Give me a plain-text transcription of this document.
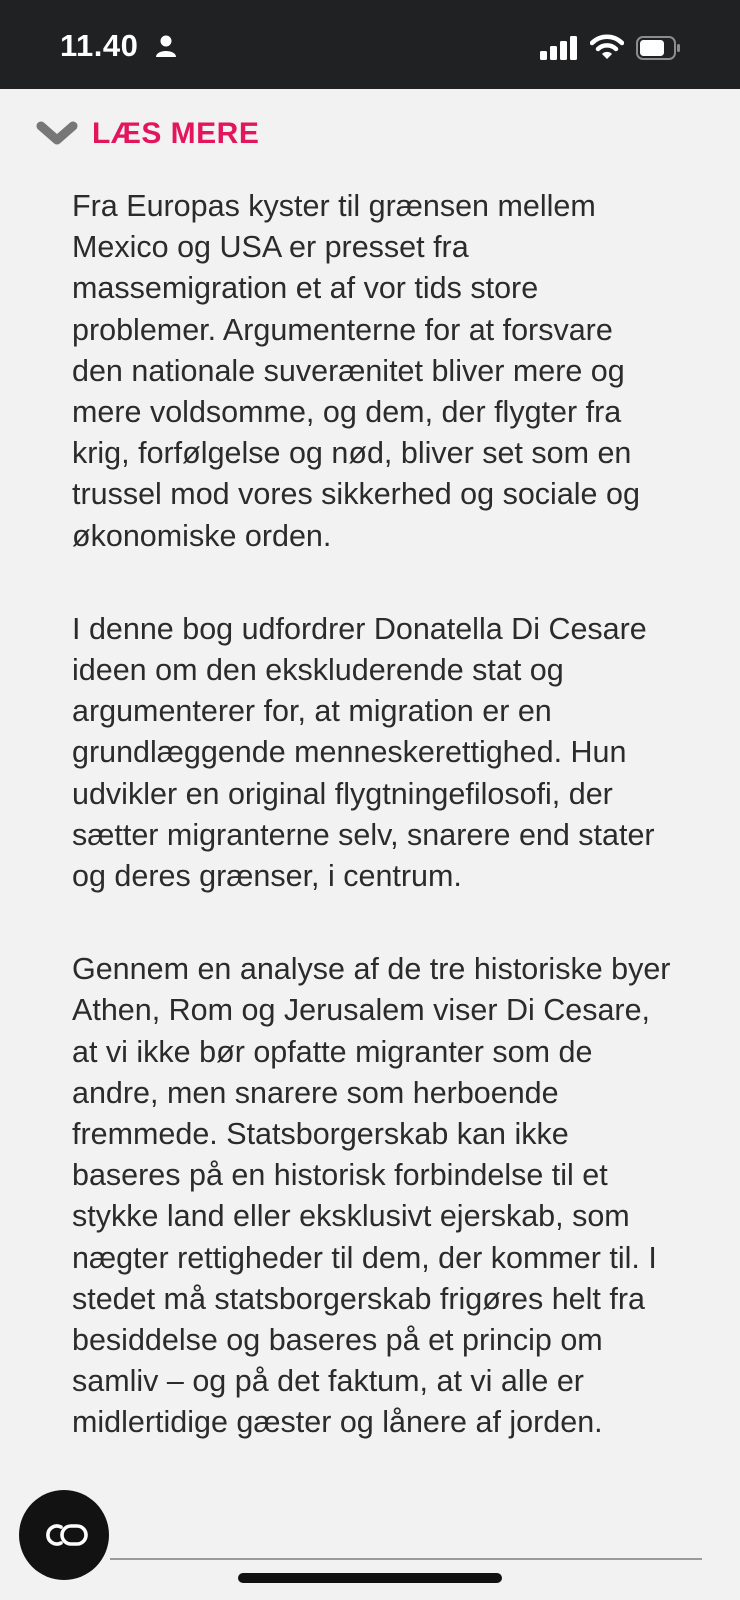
11.40
LÆS MERE

Fra Europas kyster til grænsen mellem Mexico og USA er presset fra massemigration et af vor tids store problemer. Argumenterne for at forsvare den nationale suverænitet bliver mere og mere voldsomme, og dem, der flygter fra krig, forfølgelse og nød, bliver set som en trussel mod vores sikkerhed og sociale og økonomiske orden.

I denne bog udfordrer Donatella Di Cesare ideen om den ekskluderende stat og argumenterer for, at migration er en grundlæggende menneskerettighed. Hun udvikler en original flygtningefilosofi, der sætter migranterne selv, snarere end stater og deres grænser, i centrum.

Gennem en analyse af de tre historiske byer Athen, Rom og Jerusalem viser Di Cesare, at vi ikke bør opfatte migranter som de andre, men snarere som herboende fremmede. Statsborgerskab kan ikke baseres på en historisk forbindelse til et stykke land eller eksklusivt ejerskab, som nægter rettigheder til dem, der kommer til. I stedet må statsborgerskab frigøres helt fra besiddelse og baseres på et princip om samliv – og på det faktum, at vi alle er midlertidige gæster og lånere af jorden.
